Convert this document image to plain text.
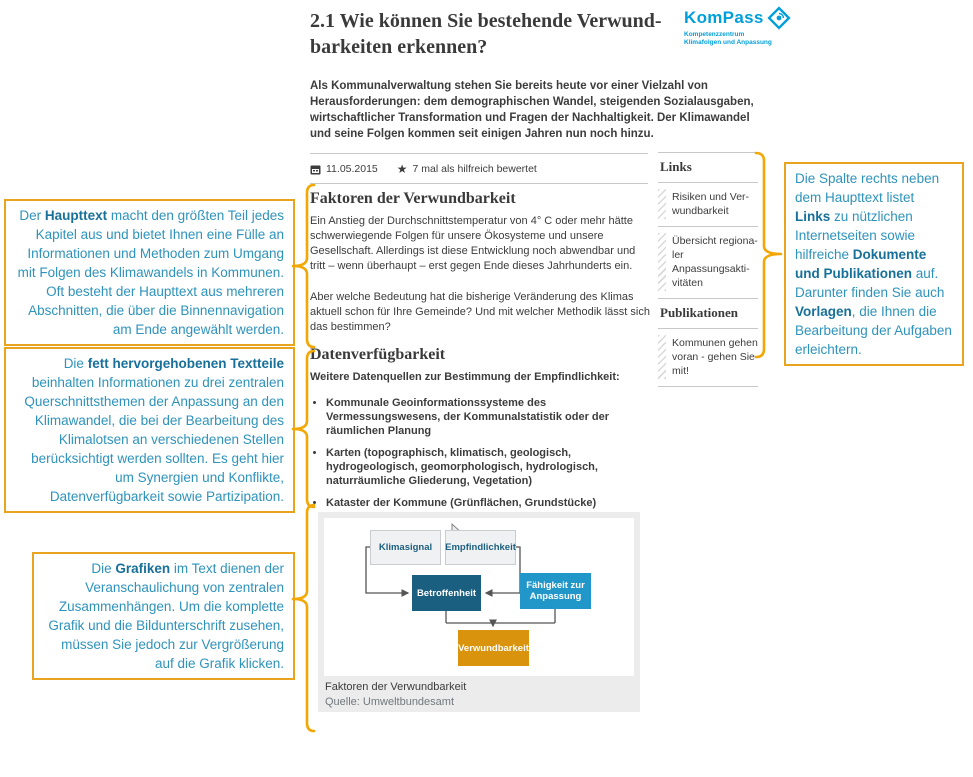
2.1 Wie können Sie bestehende Verwund-
barkeiten erkennen?
KomPass
Kompetenzzentrum
Klimafolgen und Anpassung

Als Kommunalverwaltung stehen Sie bereits heute vor einer Vielzahl von Herausforderungen: dem demographischen Wandel, steigenden Sozialausgaben, wirtschaftlicher Transformation und Fragen der Nachhaltigkeit. Der Klimawandel und seine Folgen kommen seit einigen Jahren nun noch hinzu.

11.05.2015 ★ 7 mal als hilfreich bewertet
Faktoren der Verwundbarkeit

Ein Anstieg der Durchschnittstemperatur von 4° C oder mehr hätte schwerwiegende Folgen für unsere Ökosysteme und unsere Gesellschaft. Allerdings ist diese Entwicklung noch abwendbar und tritt – wenn überhaupt – erst gegen Ende dieses Jahrhunderts ein.

Aber welche Bedeutung hat die bisherige Veränderung des Klimas aktuell schon für Ihre Gemeinde? Und mit welcher Methodik lässt sich das bestimmen?

Datenverfügbarkeit

Weitere Datenquellen zur Bestimmung der Empfindlichkeit:

• Kommunale Geoinformationssysteme des Vermessungswesens, der Kommunalstatistik oder der räumlichen Planung
• Karten (topographisch, klimatisch, geologisch, hydrogeologisch, geomorphologisch, hydrologisch, naturräumliche Gliederung, Vegetation)
• Kataster der Kommune (Grünflächen, Grundstücke)
Klimasignal	Empfindlichkeit
Betroffenheit
Fähigkeit zur Anpassung
Verwundbarkeit
Faktoren der Verwundbarkeit
Quelle: Umweltbundesamt
Links
Risiken und Ver-wundbarkeit
Übersicht regiona-ler Anpassungsakti-vitäten
Publikationen
Kommunen gehen voran - gehen Sie mit!
Der Haupttext macht den größten Teil jedes Kapitel aus und bietet Ihnen eine Fülle an Informationen und Methoden zum Umgang mit Folgen des Klimawandels in Kommunen. Oft besteht der Haupttext aus mehreren Abschnitten, die über die Binnennavigation am Ende angewählt werden.
Die fett hervorgehobenen Textteile beinhalten Informationen zu drei zentralen Querschnittsthemen der Anpassung an den Klimawandel, die bei der Bearbeitung des Klimalotsen an verschiedenen Stellen berücksichtigt werden sollten. Es geht hier um Synergien und Konflikte, Datenverfügbarkeit sowie Partizipation.
Die Grafiken im Text dienen der Veranschaulichung von zentralen Zusammenhängen. Um die komplette Grafik und die Bildunterschrift zusehen, müssen Sie jedoch zur Vergrößerung auf die Grafik klicken.
Die Spalte rechts neben dem Haupttext listet Links zu nützlichen Internetseiten sowie hilfreiche Dokumente und Publikationen auf. Darunter finden Sie auch Vorlagen, die Ihnen die Bearbeitung der Aufgaben erleichtern.
